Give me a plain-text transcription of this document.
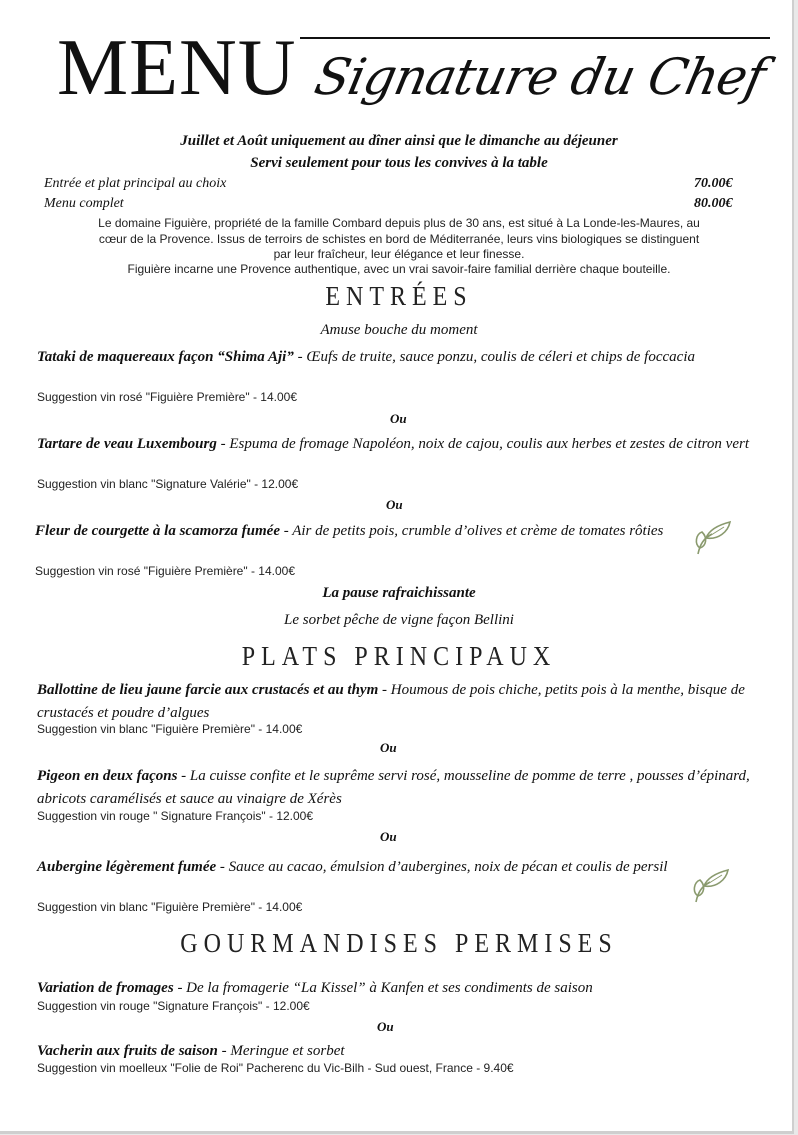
MENU Signature du Chef
Juillet et Août uniquement au dîner ainsi que le dimanche au déjeuner
Servi seulement pour tous les convives à la table
Entrée et plat principal au choix	70.00€
Menu complet	80.00€
Le domaine Figuière, propriété de la famille Combard depuis plus de 30 ans, est situé à La Londe-les-Maures, au
cœur de la Provence. Issus de terroirs de schistes en bord de Méditerranée, leurs vins biologiques se distinguent
par leur fraîcheur, leur élégance et leur finesse.
Figuière incarne une Provence authentique, avec un vrai savoir-faire familial derrière chaque bouteille.
ENTRÉES
Amuse bouche du moment
Tataki de maquereaux façon “Shima Aji” - Œufs de truite, sauce ponzu, coulis de céleri et chips de foccacia
Suggestion vin rosé "Figuière Première" - 14.00€
Ou
Tartare de veau Luxembourg - Espuma de fromage Napoléon, noix de cajou, coulis aux herbes et zestes de citron vert
Suggestion vin blanc "Signature Valérie" - 12.00€
Ou
Fleur de courgette à la scamorza fumée - Air de petits pois, crumble d’olives et crème de tomates rôties
Suggestion vin rosé "Figuière Première" - 14.00€
La pause rafraichissante
Le sorbet pêche de vigne façon Bellini
PLATS PRINCIPAUX
Ballottine de lieu jaune farcie aux crustacés et au thym - Houmous de pois chiche, petits pois à la menthe, bisque de crustacés et poudre d’algues
Suggestion vin blanc "Figuière Première" - 14.00€
Ou
Pigeon en deux façons - La cuisse confite et le suprême servi rosé, mousseline de pomme de terre , pousses d’épinard, abricots caramélisés et sauce au vinaigre de Xérès
Suggestion vin rouge " Signature François" - 12.00€
Ou
Aubergine légèrement fumée - Sauce au cacao, émulsion d’aubergines, noix de pécan et coulis de persil
Suggestion vin blanc "Figuière Première" - 14.00€
GOURMANDISES PERMISES
Variation de fromages - De la fromagerie “La Kissel” à Kanfen et ses condiments de saison
Suggestion vin rouge "Signature François" - 12.00€
Ou
Vacherin aux fruits de saison - Meringue et sorbet
Suggestion vin moelleux "Folie de Roi" Pacherenc du Vic-Bilh - Sud ouest, France - 9.40€
